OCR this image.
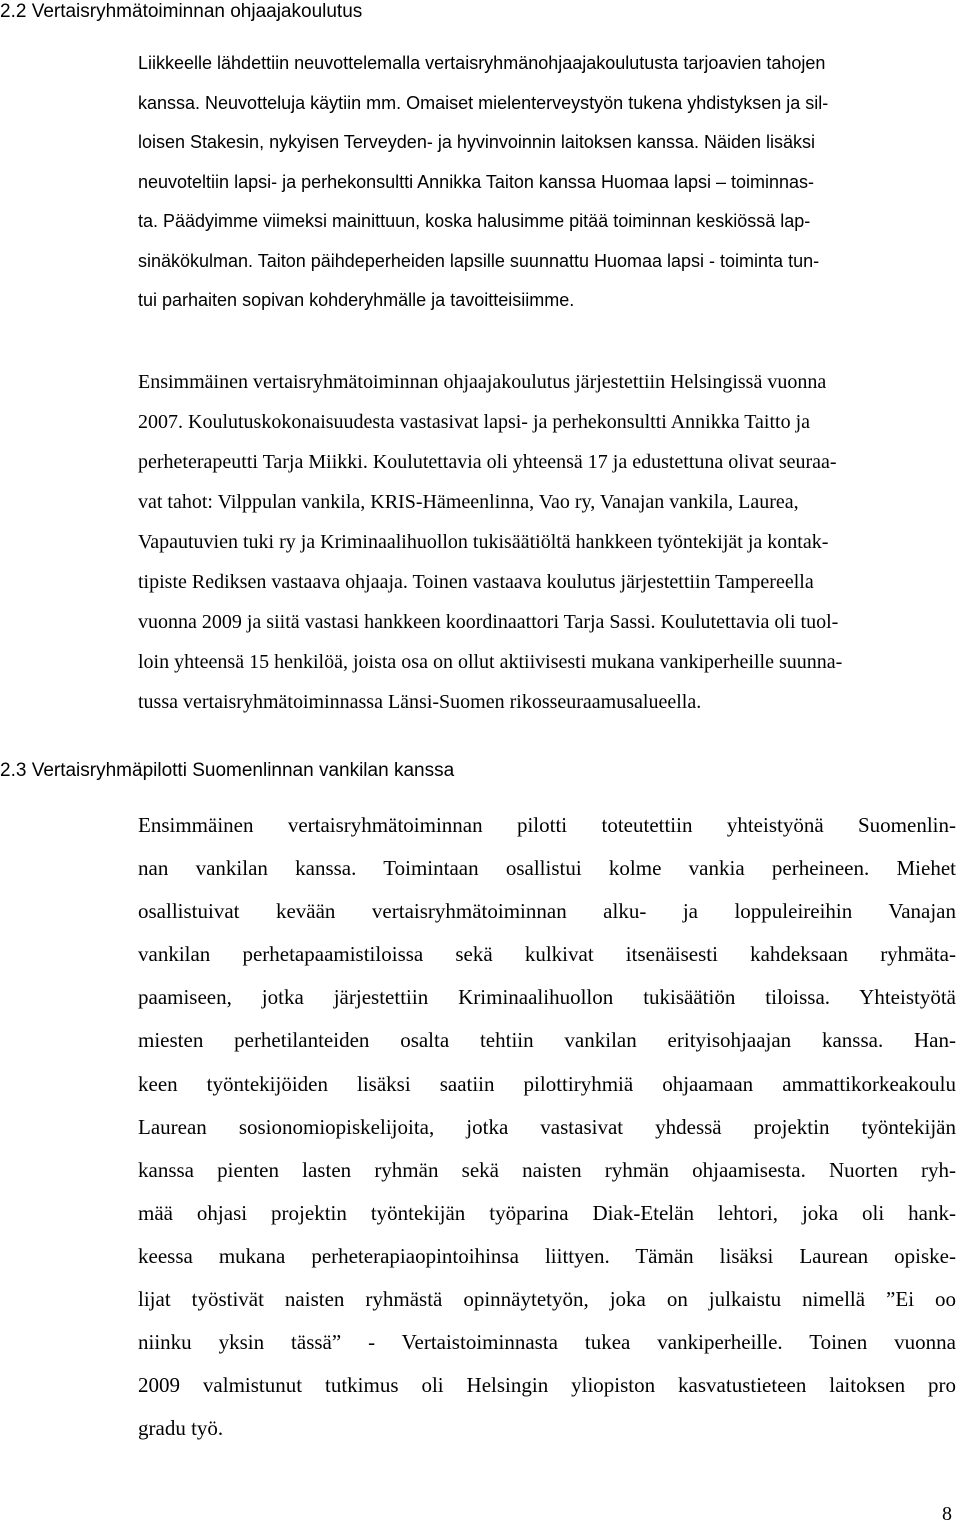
2.2 Vertaisryhmätoiminnan ohjaajakoulutus
Liikkeelle lähdettiin neuvottelemalla vertaisryhmänohjaajakoulutusta tarjoavien tahojen
kanssa. Neuvotteluja käytiin mm. Omaiset mielenterveystyön tukena yhdistyksen ja sil-
loisen Stakesin, nykyisen Terveyden- ja hyvinvoinnin laitoksen kanssa. Näiden lisäksi
neuvoteltiin lapsi- ja perhekonsultti Annikka Taiton kanssa Huomaa lapsi – toiminnas-
ta. Päädyimme viimeksi mainittuun, koska halusimme pitää toiminnan keskiössä lap-
sinäkökulman. Taiton päihdeperheiden lapsille suunnattu Huomaa lapsi - toiminta tun-
tui parhaiten sopivan kohderyhmälle ja tavoitteisiimme.
Ensimmäinen vertaisryhmätoiminnan ohjaajakoulutus järjestettiin Helsingissä vuonna
2007. Koulutuskokonaisuudesta vastasivat lapsi- ja perhekonsultti Annikka Taitto ja
perheterapeutti Tarja Miikki. Koulutettavia oli yhteensä 17 ja edustettuna olivat seuraa-
vat tahot: Vilppulan vankila, KRIS-Hämeenlinna, Vao ry, Vanajan vankila, Laurea,
Vapautuvien tuki ry ja Kriminaalihuollon tukisäätiöltä hankkeen työntekijät ja kontak-
tipiste Rediksen vastaava ohjaaja. Toinen vastaava koulutus järjestettiin Tampereella
vuonna 2009 ja siitä vastasi hankkeen koordinaattori Tarja Sassi. Koulutettavia oli tuol-
loin yhteensä 15 henkilöä, joista osa on ollut aktiivisesti mukana vankiperheille suunna-
tussa vertaisryhmätoiminnassa Länsi-Suomen rikosseuraamusalueella.
2.3 Vertaisryhmäpilotti Suomenlinnan vankilan kanssa
Ensimmäinen vertaisryhmätoiminnan pilotti toteutettiin yhteistyönä Suomenlin-
nan vankilan kanssa. Toimintaan osallistui kolme vankia perheineen. Miehet
osallistuivat kevään vertaisryhmätoiminnan alku- ja loppuleireihin Vanajan
vankilan perhetapaamistiloissa sekä kulkivat itsenäisesti kahdeksaan ryhmäta-
paamiseen, jotka järjestettiin Kriminaalihuollon tukisäätiön tiloissa. Yhteistyötä
miesten perhetilanteiden osalta tehtiin vankilan erityisohjaajan kanssa. Han-
keen työntekijöiden lisäksi saatiin pilottiryhmiä ohjaamaan ammattikorkeakoulu
Laurean sosionomiopiskelijoita, jotka vastasivat yhdessä projektin työntekijän
kanssa pienten lasten ryhmän sekä naisten ryhmän ohjaamisesta. Nuorten ryh-
mää ohjasi projektin työntekijän työparina Diak-Etelän lehtori, joka oli hank-
keessa mukana perheterapiaopintoihinsa liittyen. Tämän lisäksi Laurean opiske-
lijat työstivät naisten ryhmästä opinnäytetyön, joka on julkaistu nimellä ”Ei oo
niinku yksin tässä” - Vertaistoiminnasta tukea vankiperheille. Toinen vuonna
2009 valmistunut tutkimus oli Helsingin yliopiston kasvatustieteen laitoksen pro
gradu työ.
8
